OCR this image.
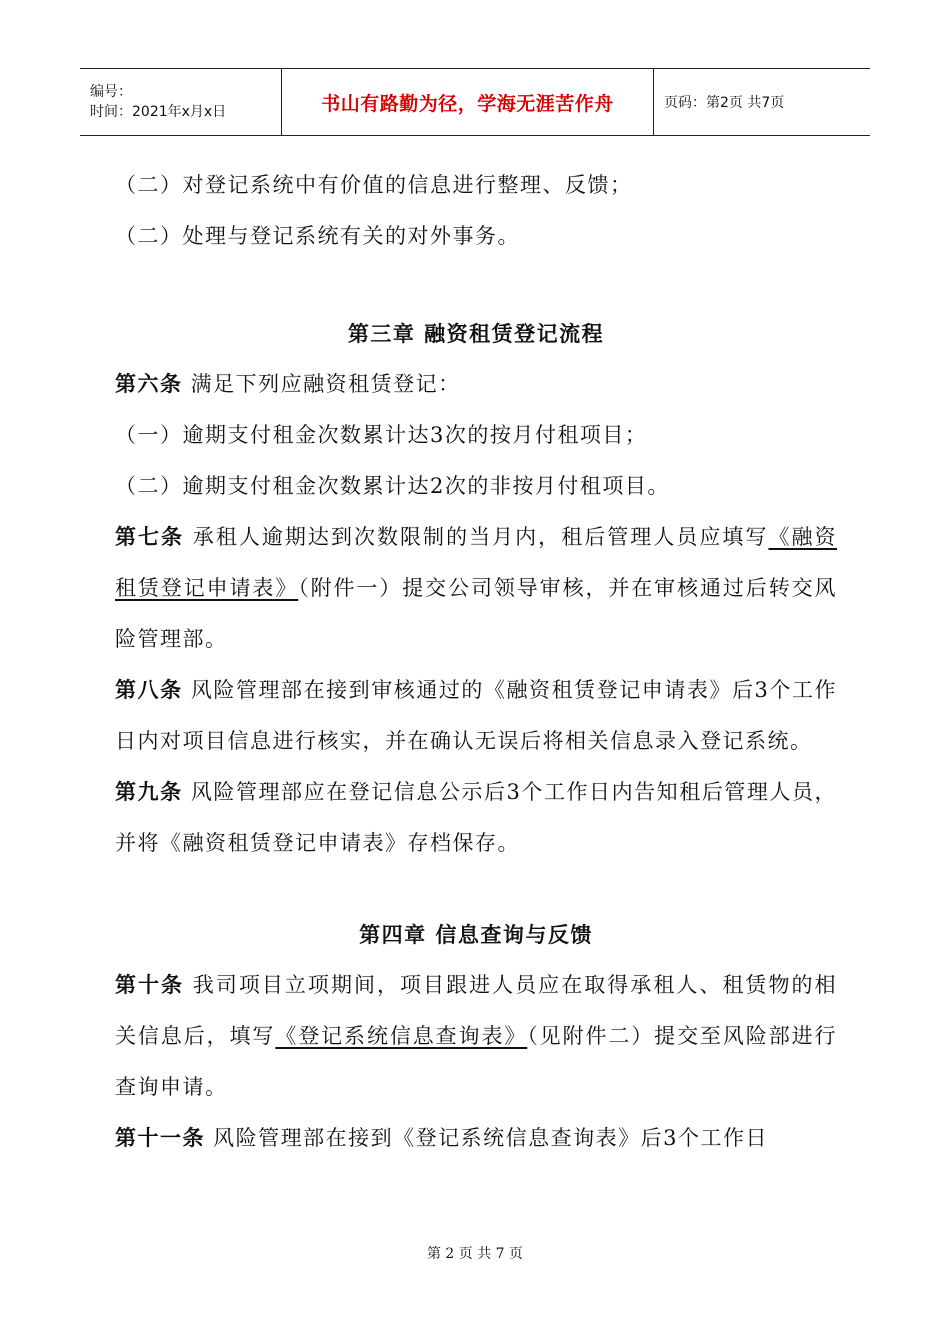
编号：
时间：2021年x月x日	书山有路勤为径，学海无涯苦作舟	页码：第2页 共7页

（二）对登记系统中有价值的信息进行整理、反馈；

（二）处理与登记系统有关的对外事务。

第三章 融资租赁登记流程

第六条 满足下列应融资租赁登记：

（一）逾期支付租金次数累计达3次的按月付租项目；

（二）逾期支付租金次数累计达2次的非按月付租项目。

第七条 承租人逾期达到次数限制的当月内，租后管理人员应填写《融资租赁登记申请表》（附件一）提交公司领导审核，并在审核通过后转交风险管理部。

第八条 风险管理部在接到审核通过的《融资租赁登记申请表》后3个工作日内对项目信息进行核实，并在确认无误后将相关信息录入登记系统。

第九条 风险管理部应在登记信息公示后3个工作日内告知租后管理人员，并将《融资租赁登记申请表》存档保存。

第四章 信息查询与反馈

第十条 我司项目立项期间，项目跟进人员应在取得承租人、租赁物的相关信息后，填写《登记系统信息查询表》（见附件二）提交至风险部进行查询申请。

第十一条 风险管理部在接到《登记系统信息查询表》后3个工作日

第 2 页 共 7 页
